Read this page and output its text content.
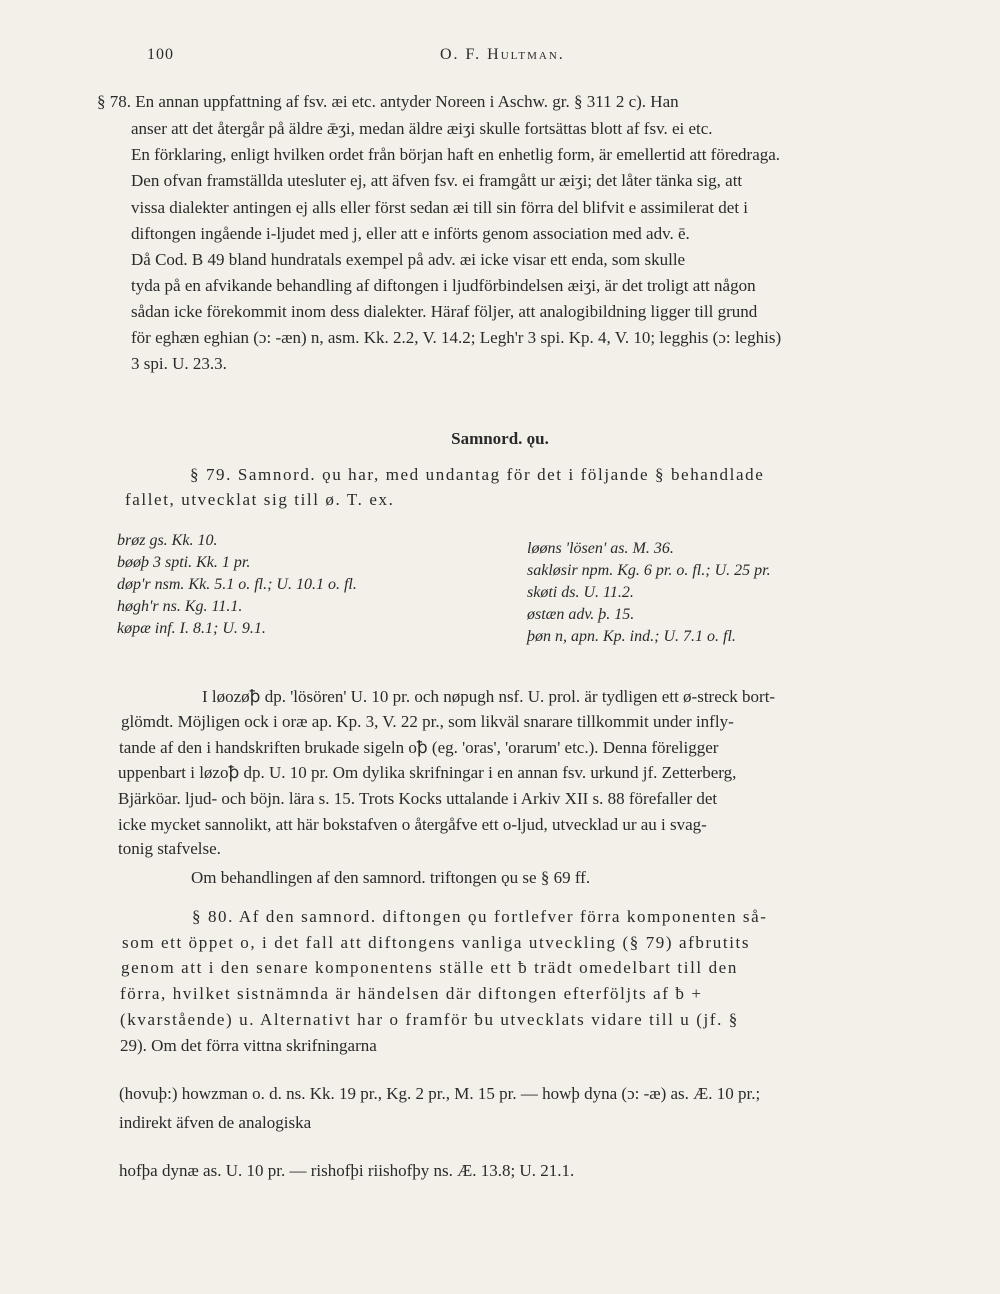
100	O. F. Hultman.
§ 78. En annan uppfattning af fsv. æi etc. antyder Noreen i Aschw. gr. § 311 2 c). Han
anser att det återgår på äldre ǣʒi, medan äldre æiʒi skulle fortsättas blott af fsv. ei etc.
En förklaring, enligt hvilken ordet från början haft en enhetlig form, är emellertid att föredraga.
Den ofvan framställda utesluter ej, att äfven fsv. ei framgått ur æiʒi; det låter tänka sig, att
vissa dialekter antingen ej alls eller först sedan æi till sin förra del blifvit e assimilerat det i
diftongen ingående i-ljudet med j, eller att e införts genom association med adv. ē.
Då Cod. B 49 bland hundratals exempel på adv. æi icke visar ett enda, som skulle
tyda på en afvikande behandling af diftongen i ljudförbindelsen æiʒi, är det troligt att någon
sådan icke förekommit inom dess dialekter. Häraf följer, att analogibildning ligger till grund
för eghæn eghian (ɔ: -æn) n, asm. Kk. 2.2, V. 14.2; Legh'r 3 spi. Kp. 4, V. 10; legghis (ɔ: leghis)
3 spi. U. 23.3.
Samnord. ǫu.
§ 79. Samnord. ǫu har, med undantag för det i följande § behandlade
fallet, utvecklat sig till ø. T. ex.
brøz gs. Kk. 10.
bøøþ 3 spti. Kk. 1 pr.
døp'r nsm. Kk. 5.1 o. fl.; U. 10.1 o. fl.
høgh'r ns. Kg. 11.1.
køpæ inf. I. 8.1; U. 9.1.
løøns 'lösen' as. M. 36.
sakløsir npm. Kg. 6 pr. o. fl.; U. 25 pr.
skøti ds. U. 11.2.
østæn adv. þ. 15.
þøn n, apn. Kp. ind.; U. 7.1 o. fl.
I løozøꝥ dp. 'lösören' U. 10 pr. och nøpugh nsf. U. prol. är tydligen ett ø-streck bort-
glömdt. Möjligen ock i oræ ap. Kp. 3, V. 22 pr., som likväl snarare tillkommit under infly-
tande af den i handskriften brukade sigeln oꝥ (eg. 'oras', 'orarum' etc.). Denna föreligger
uppenbart i løzoꝥ dp. U. 10 pr. Om dylika skrifningar i en annan fsv. urkund jf. Zetterberg,
Bjärköar. ljud- och böjn. lära s. 15. Trots Kocks uttalande i Arkiv XII s. 88 förefaller det
icke mycket sannolikt, att här bokstafven o återgåfve ett o-ljud, utvecklad ur au i svag-
tonig stafvelse.
Om behandlingen af den samnord. triftongen ǫu se § 69 ff.
§ 80. Af den samnord. diftongen ǫu fortlefver förra komponenten så-
som ett öppet o, i det fall att diftongens vanliga utveckling (§ 79) afbrutits
genom att i den senare komponentens ställe ett ƀ trädt omedelbart till den
förra, hvilket sistnämnda är händelsen där diftongen efterföljts af ƀ +
(kvarstående) u. Alternativt har o framför ƀu utvecklats vidare till u (jf. §
29). Om det förra vittna skrifningarna
(hovuþ:) howzman o. d. ns. Kk. 19 pr., Kg. 2 pr., M. 15 pr. — howþ dyna (ɔ: -æ) as. Æ. 10 pr.;
indirekt äfven de analogiska
hofþa dynæ as. U. 10 pr. — rishofþi riishofþy ns. Æ. 13.8; U. 21.1.
